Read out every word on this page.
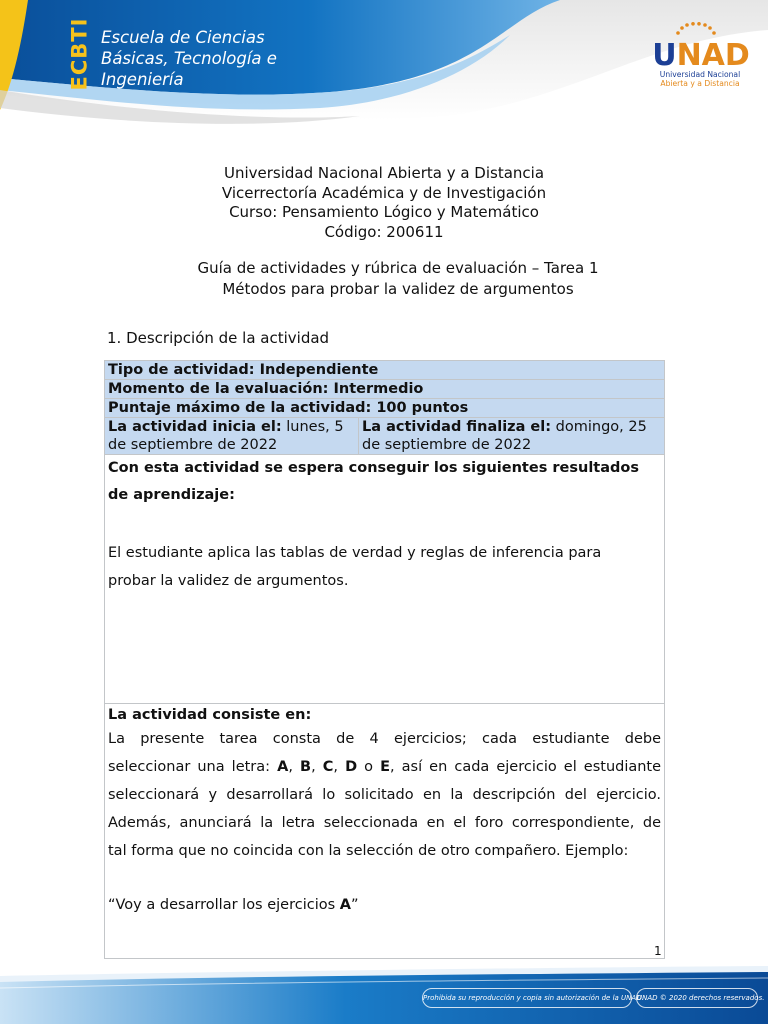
ECBTI Escuela de Ciencias
Básicas, Tecnología e
Ingeniería
UNAD
Universidad Nacional
Abierta y a Distancia
Universidad Nacional Abierta y a Distancia
Vicerrectoría Académica y de Investigación
Curso: Pensamiento Lógico y Matemático
Código: 200611
Guía de actividades y rúbrica de evaluación – Tarea 1
Métodos para probar la validez de argumentos
1. Descripción de la actividad
Tipo de actividad: Independiente
Momento de la evaluación: Intermedio
Puntaje máximo de la actividad: 100 puntos

La actividad inicia el: lunes, 5
de septiembre de 2022

La actividad finaliza el: domingo, 25
de septiembre de 2022

Con esta actividad se espera conseguir los siguientes resultados
de aprendizaje:
El estudiante aplica las tablas de verdad y reglas de inferencia para
probar la validez de argumentos.

La actividad consiste en:
La presente tarea consta de 4 ejercicios; cada estudiante debe
seleccionar una letra: A, B, C, D o E, así en cada ejercicio el estudiante
seleccionará y desarrollará lo solicitado en la descripción del ejercicio.
Además, anunciará la letra seleccionada en el foro correspondiente, de
tal forma que no coincida con la selección de otro compañero. Ejemplo:
“Voy a desarrollar los ejercicios A”
1
Prohibida su reproducción y copia sin autorización de la UNAD.
UNAD © 2020 derechos reservados.
